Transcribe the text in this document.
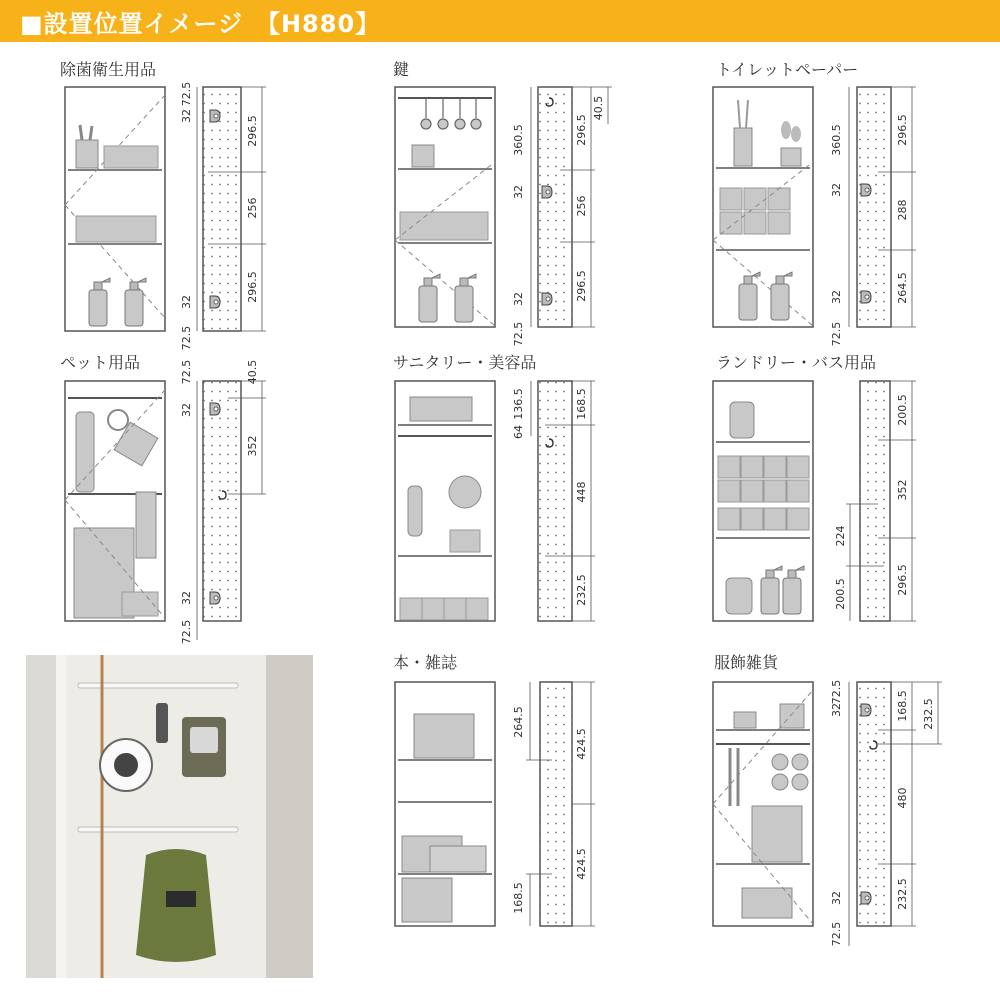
■設置位置イメージ　【H880】
除菌衛生用品
72.5
32	296.5
256
296.5
32
72.5
鍵
360.5
32
32
72.5
296.5
256
296.5
40.5
トイレットペーパー
360.5
32
32
72.5
296.5
288
264.5
ペット用品	72.5
32
40.5
352
32
72.5
サニタリー・美容品
136.5
64
168.5
448
232.5
ランドリー・バス用品
200.5
352
296.5
224
200.5
本・雑誌
264.5
168.5
424.5
424.5
服飾雑貨
72.5
32	168.5 232.5
480
32	232.5
72.5
